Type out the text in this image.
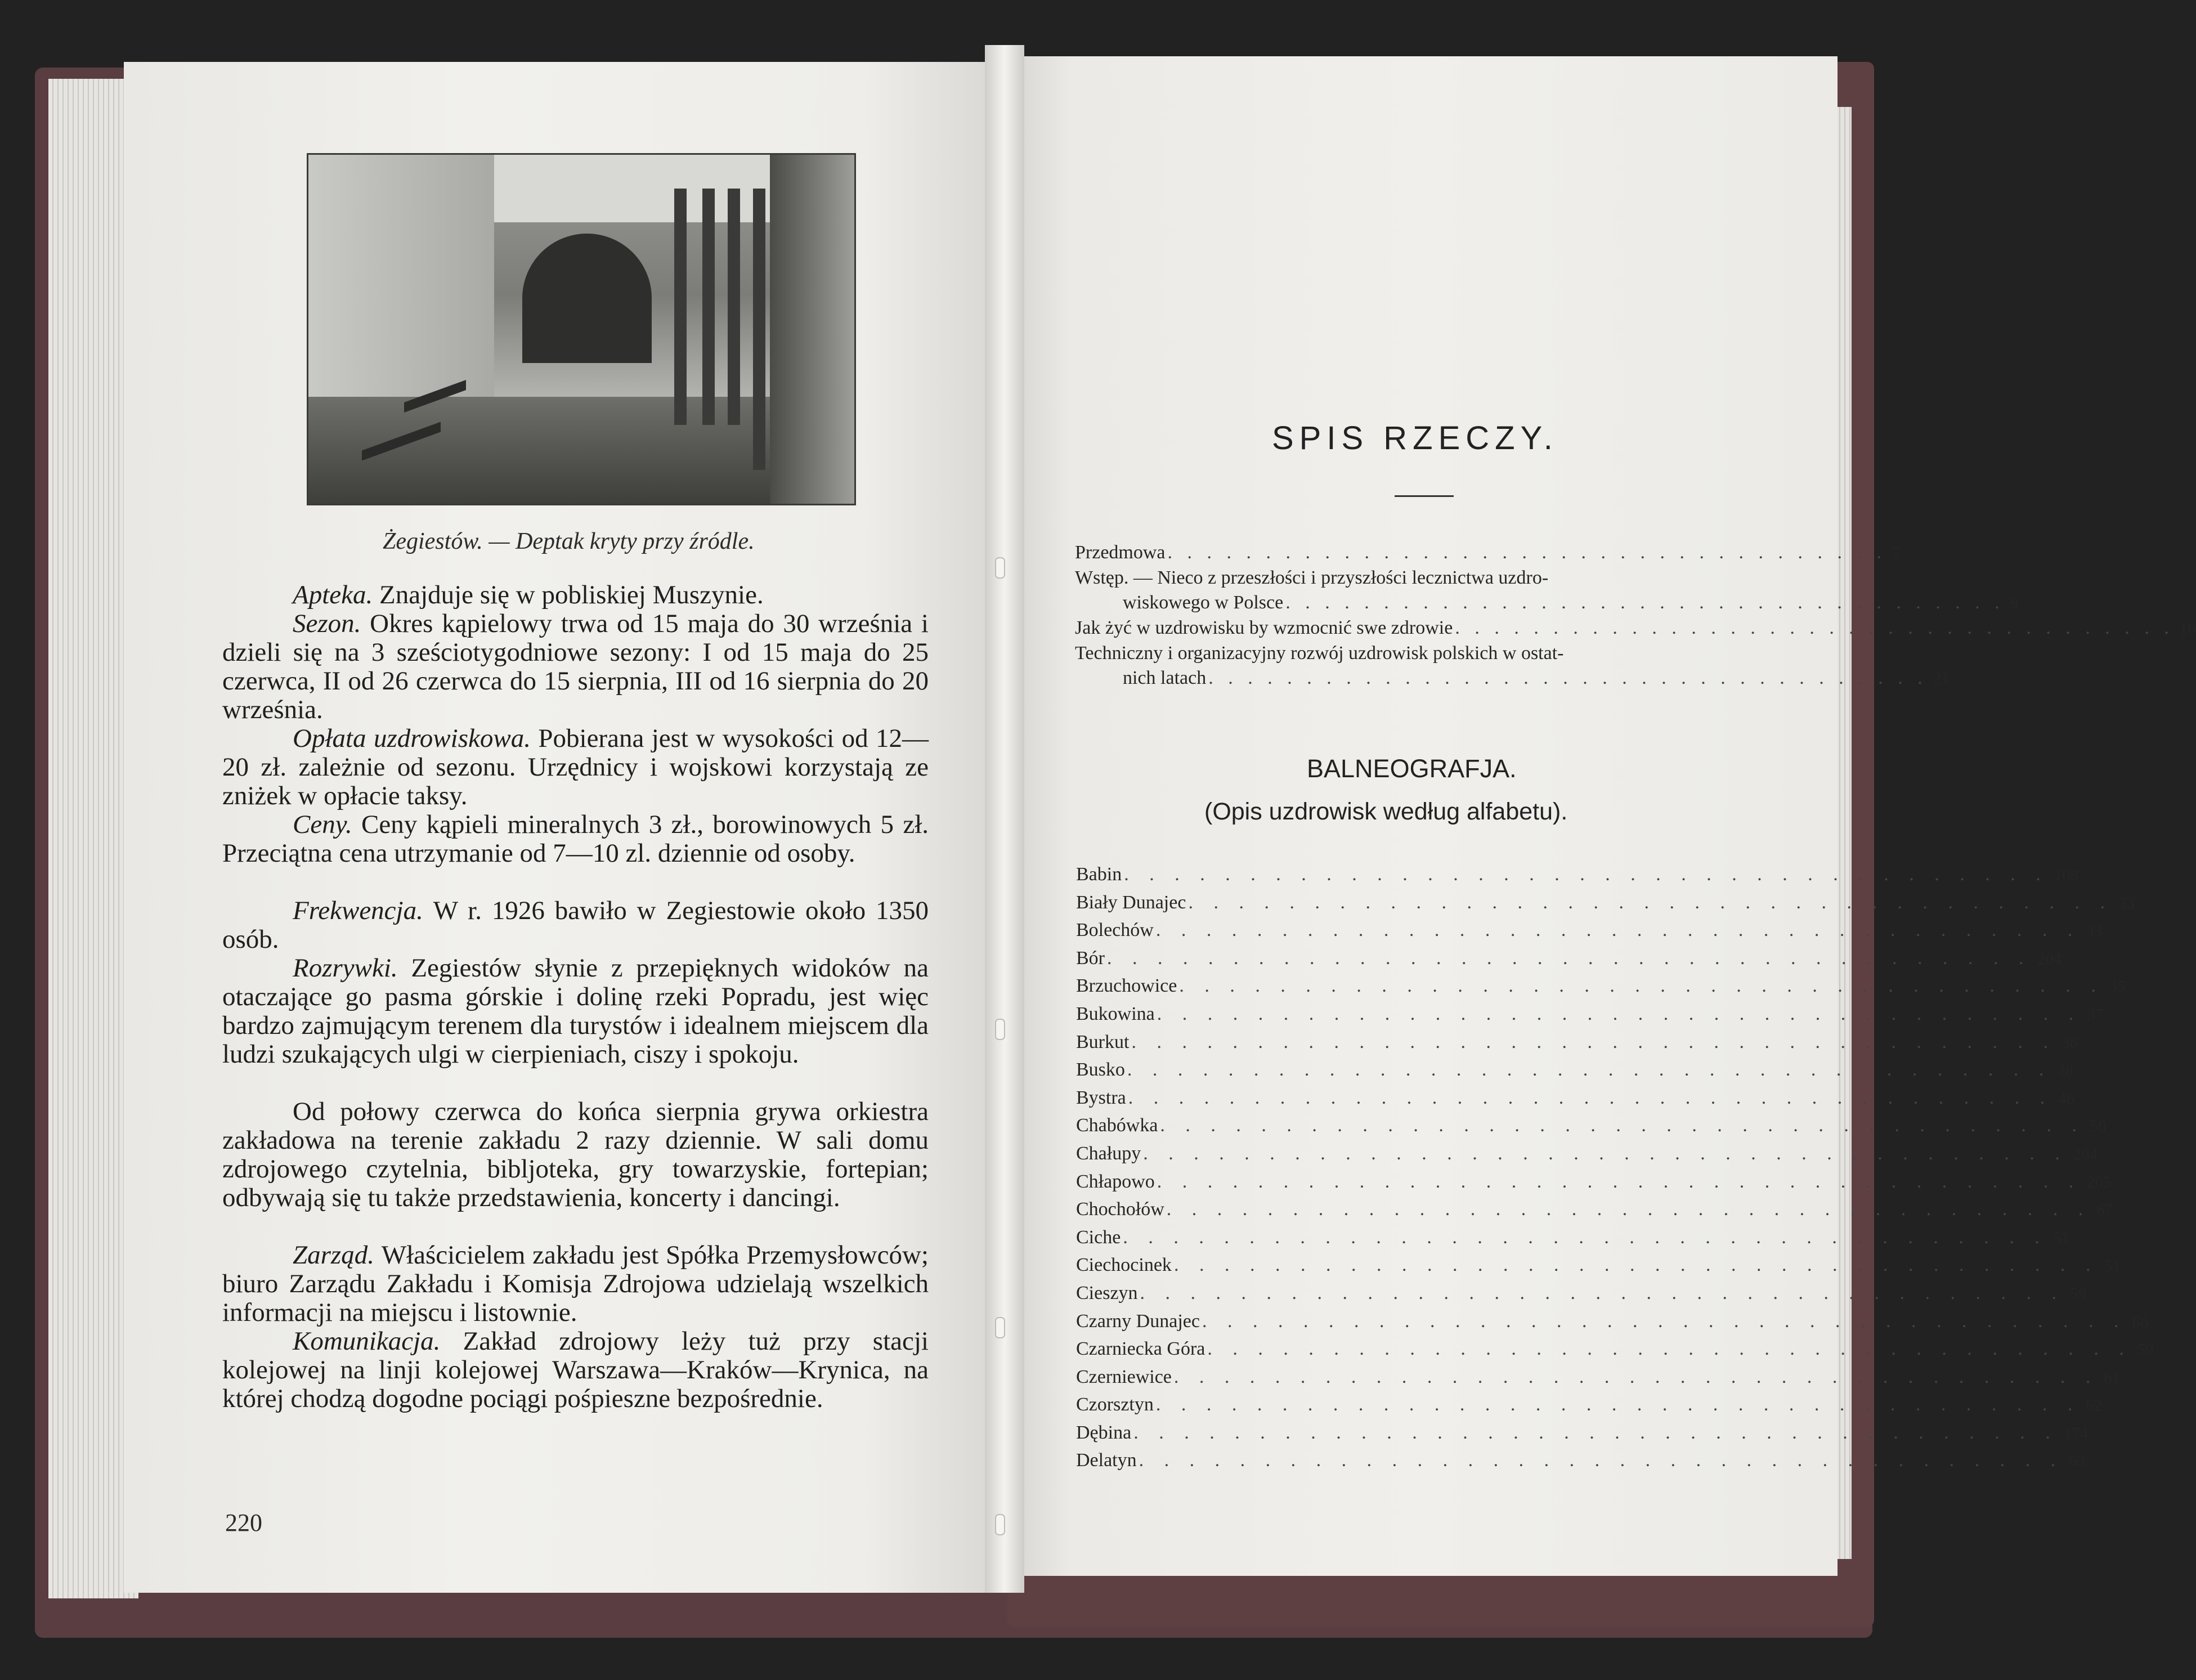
Żegiestów. — Deptak kryty przy źródle.
Apteka. Znajduje się w pobliskiej Muszynie.
Sezon. Okres kąpielowy trwa od 15 maja do 30 września i dzieli się na 3 sześciotygodniowe sezony: I od 15 maja do 25 czerwca, II od 26 czerwca do 15 sierpnia, III od 16 sierpnia do 20 września.
Opłata uzdrowiskowa. Pobierana jest w wysokości od 12—20 zł. zależnie od sezonu. Urzędnicy i wojskowi korzystają ze zniżek w opłacie taksy.
Ceny. Ceny kąpieli mineralnych 3 zł., borowinowych 5 zł. Przeciątna cena utrzymanie od 7—10 zl. dziennie od osoby.
Frekwencja. W r. 1926 bawiło w Zegiestowie około 1350 osób.
Rozrywki. Zegiestów słynie z przepięknych widoków na otaczające go pasma górskie i dolinę rzeki Popradu, jest więc bardzo zajmującym terenem dla turystów i idealnem miejscem dla ludzi szukających ulgi w cierpieniach, ciszy i spokoju.
Od połowy czerwca do końca sierpnia grywa orkiestra zakładowa na terenie zakładu 2 razy dziennie. W sali domu zdrojowego czytelnia, bibljoteka, gry towarzyskie, fortepian; odbywają się tu także przedstawienia, koncerty i dancingi.
Zarząd. Właścicielem zakładu jest Spółka Przemysłowców; biuro Zarządu Zakładu i Komisja Zdrojowa udzielają wszelkich informacji na miejscu i listownie.
Komunikacja. Zakład zdrojowy leży tuż przy stacji kolejowej na linji kolejowej Warszawa—Kraków—Krynica, na której chodzą dogodne pociągi pośpieszne bezpośrednie.
220
SPIS RZECZY.
Przedmowa . . . . . . . . . . . . . . . . . . . . . . . . . . . . . . . . . . . . . 7
Wstęp. — Nieco z przeszłości i przyszłości lecznictwa uzdro-
wiskowego w Polsce . . . . . . . . . . . . . . . . . . . . . . . . . . . . . . . . . . . . . 9
Jak żyć w uzdrowisku by wzmocnić swe zdrowie . . . . . . . . . . . . . . . . . . . . . . . . . . . . . . . . . . . . . 16
Techniczny i organizacyjny rozwój uzdrowisk polskich w ostat-
nich latach . . . . . . . . . . . . . . . . . . . . . . . . . . . . . . . . . . . . . 21
BALNEOGRAFJA.
(Opis uzdrowisk według alfabetu).
Babin . . . . . . . . . . . . . . . . . . . . . . . . . . . . . . . . . . . . . 108
Biały Dunajec . . . . . . . . . . . . . . . . . . . . . . . . . . . . . . . . . . . . . 33
Bolechów . . . . . . . . . . . . . . . . . . . . . . . . . . . . . . . . . . . . . 33
Bór . . . . . . . . . . . . . . . . . . . . . . . . . . . . . . . . . . . . . 204
Brzuchowice . . . . . . . . . . . . . . . . . . . . . . . . . . . . . . . . . . . . . 35
Bukowina . . . . . . . . . . . . . . . . . . . . . . . . . . . . . . . . . . . . . 37
Burkut . . . . . . . . . . . . . . . . . . . . . . . . . . . . . . . . . . . . . 36
Busko . . . . . . . . . . . . . . . . . . . . . . . . . . . . . . . . . . . . . 38
Bystra . . . . . . . . . . . . . . . . . . . . . . . . . . . . . . . . . . . . . 46
Chabówka . . . . . . . . . . . . . . . . . . . . . . . . . . . . . . . . . . . . . 50
Chałupy . . . . . . . . . . . . . . . . . . . . . . . . . . . . . . . . . . . . . 204
Chłapowo . . . . . . . . . . . . . . . . . . . . . . . . . . . . . . . . . . . . . 205
Chochołów . . . . . . . . . . . . . . . . . . . . . . . . . . . . . . . . . . . . . 67
Ciche . . . . . . . . . . . . . . . . . . . . . . . . . . . . . . . . . . . . . 51
Ciechocinek . . . . . . . . . . . . . . . . . . . . . . . . . . . . . . . . . . . . . 51
Cieszyn . . . . . . . . . . . . . . . . . . . . . . . . . . . . . . . . . . . . . 59
Czarny Dunajec . . . . . . . . . . . . . . . . . . . . . . . . . . . . . . . . . . . . . 66
Czarniecka Góra . . . . . . . . . . . . . . . . . . . . . . . . . . . . . . . . . . . . . 59
Czerniewice . . . . . . . . . . . . . . . . . . . . . . . . . . . . . . . . . . . . . 61
Czorsztyn . . . . . . . . . . . . . . . . . . . . . . . . . . . . . . . . . . . . . 62
Dębina . . . . . . . . . . . . . . . . . . . . . . . . . . . . . . . . . . . . . 174
Delatyn . . . . . . . . . . . . . . . . . . . . . . . . . . . . . . . . . . . . . 63
